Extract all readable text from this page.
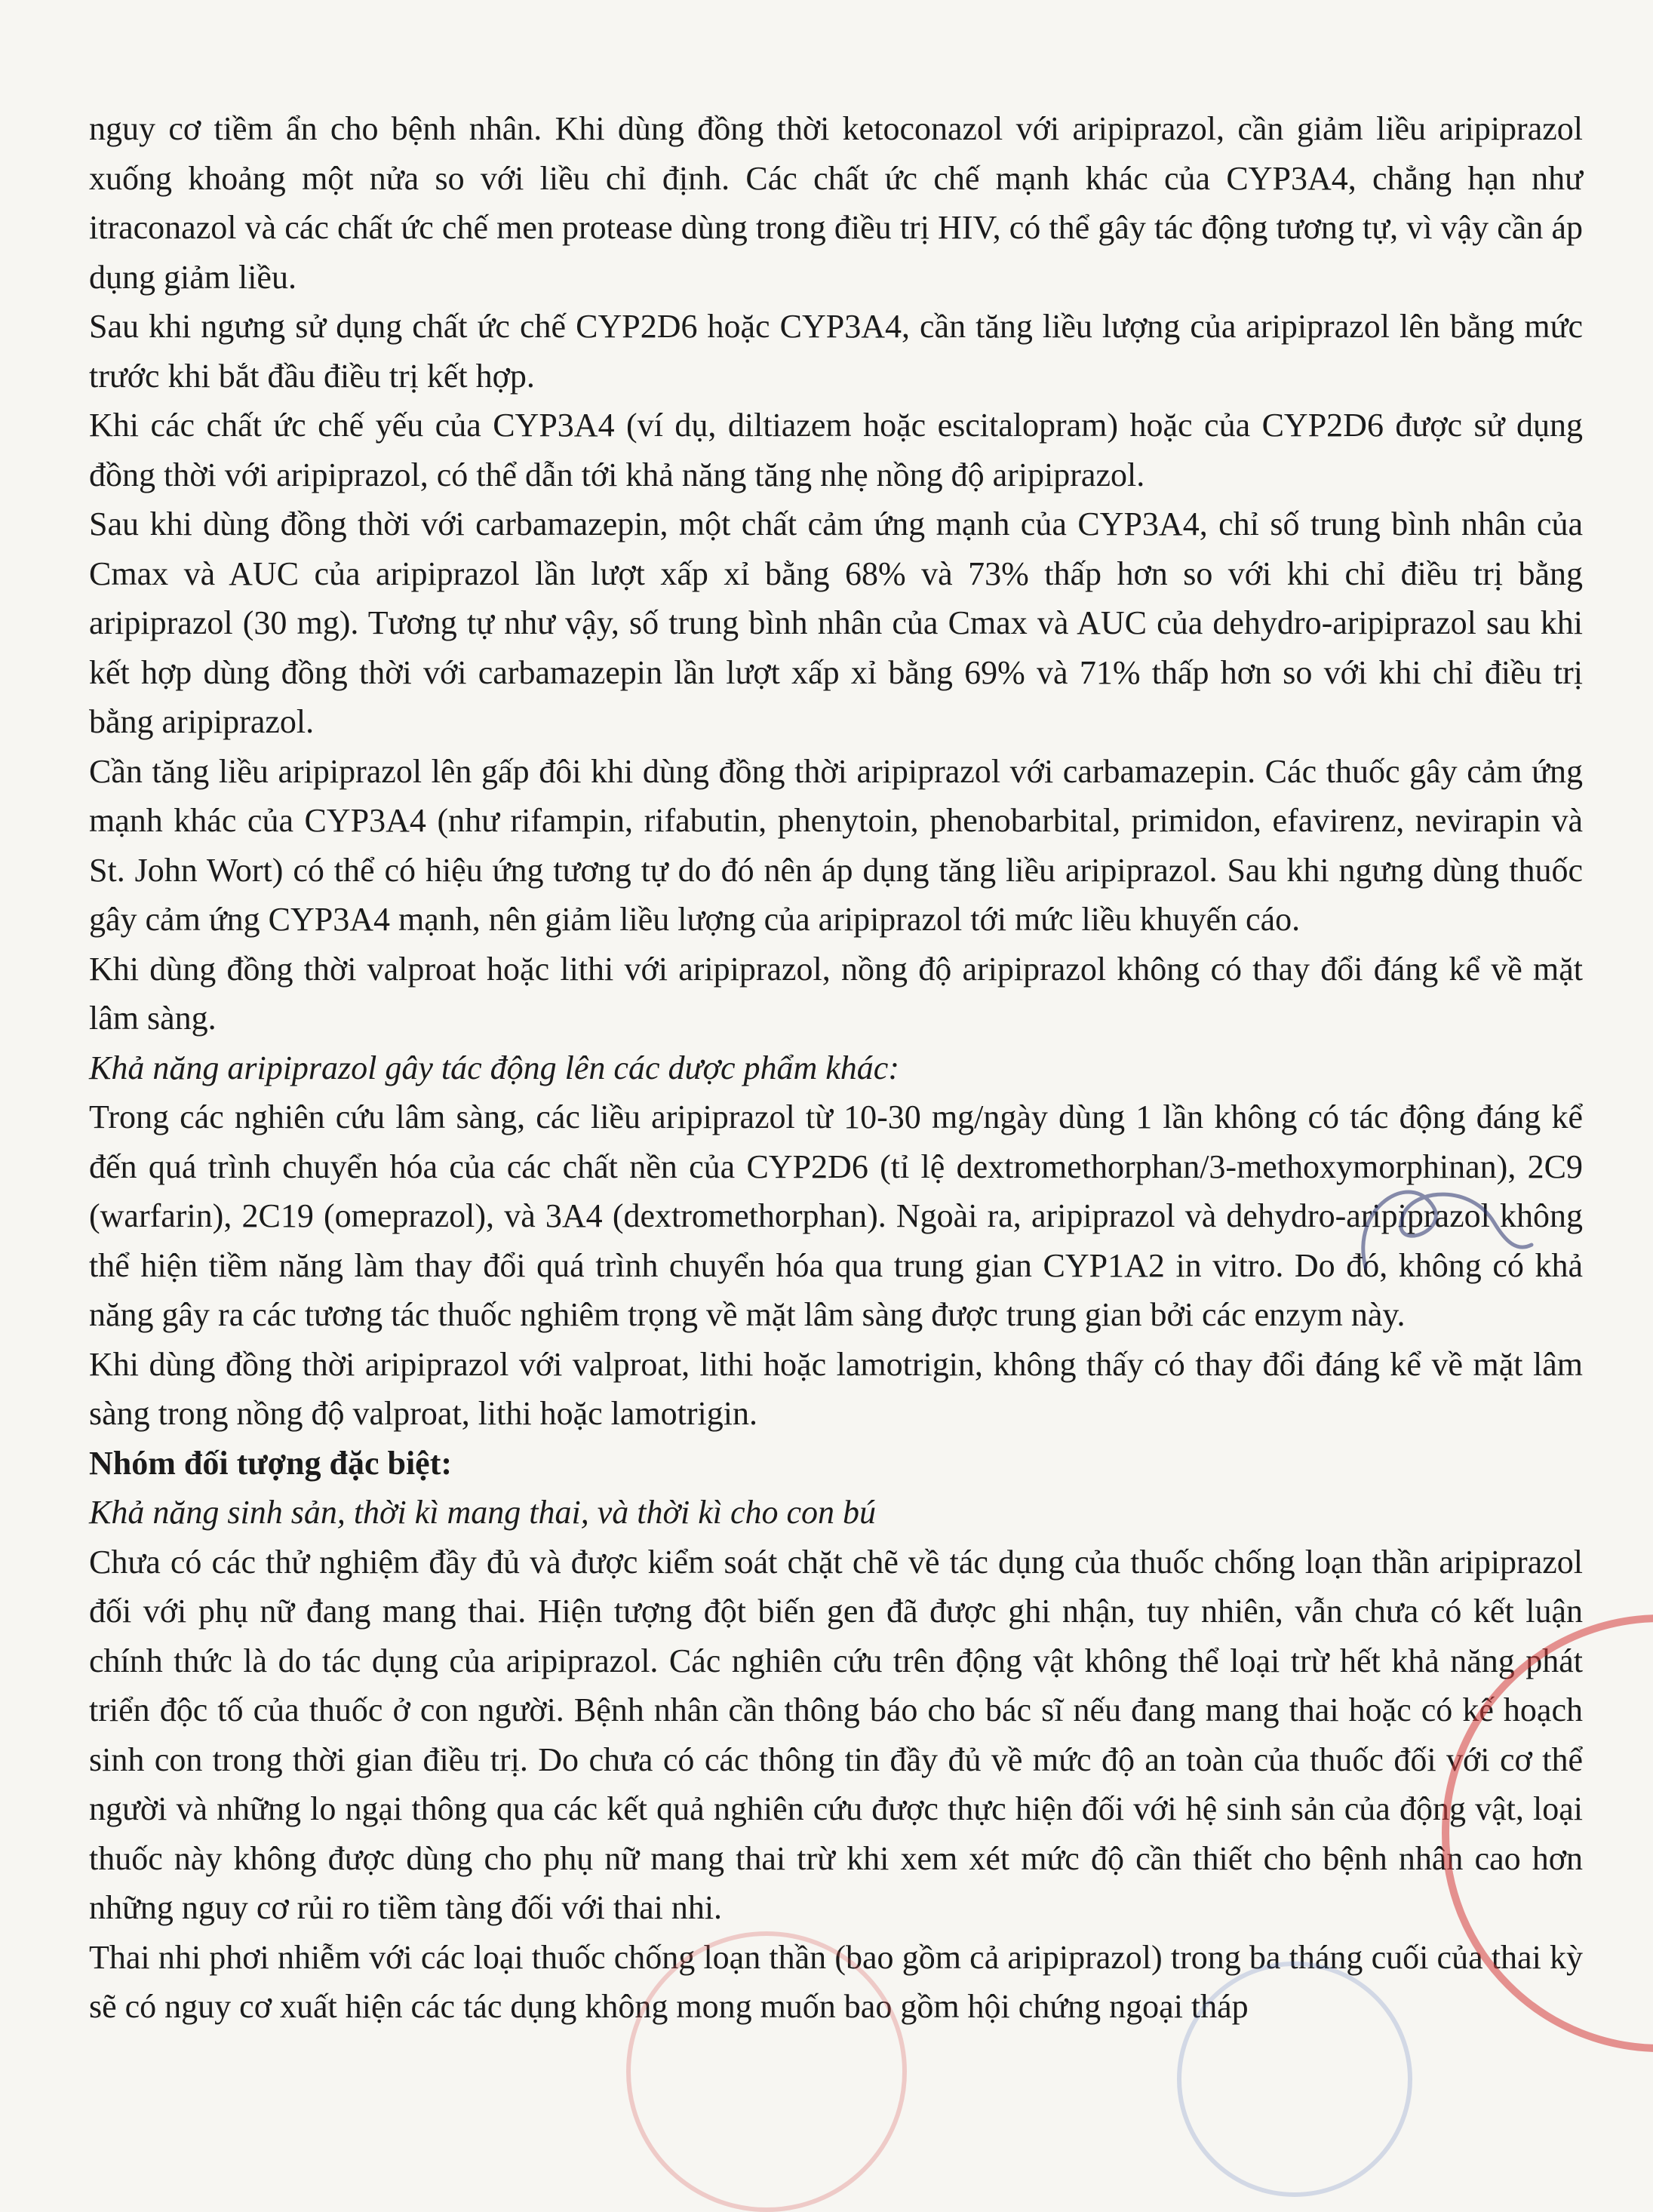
nguy cơ tiềm ẩn cho bệnh nhân. Khi dùng đồng thời ketoconazol với aripiprazol, cần giảm liều aripiprazol xuống khoảng một nửa so với liều chỉ định. Các chất ức chế mạnh khác của CYP3A4, chẳng hạn như itraconazol và các chất ức chế men protease dùng trong điều trị HIV, có thể gây tác động tương tự, vì vậy cần áp dụng giảm liều.

Sau khi ngưng sử dụng chất ức chế CYP2D6 hoặc CYP3A4, cần tăng liều lượng của aripiprazol lên bằng mức trước khi bắt đầu điều trị kết hợp.

Khi các chất ức chế yếu của CYP3A4 (ví dụ, diltiazem hoặc escitalopram) hoặc của CYP2D6 được sử dụng đồng thời với aripiprazol, có thể dẫn tới khả năng tăng nhẹ nồng độ aripiprazol.

Sau khi dùng đồng thời với carbamazepin, một chất cảm ứng mạnh của CYP3A4, chỉ số trung bình nhân của Cmax và AUC của aripiprazol lần lượt xấp xỉ bằng 68% và 73% thấp hơn so với khi chỉ điều trị bằng aripiprazol (30 mg). Tương tự như vậy, số trung bình nhân của Cmax và AUC của dehydro-aripiprazol sau khi kết hợp dùng đồng thời với carbamazepin lần lượt xấp xỉ bằng 69% và 71% thấp hơn so với khi chỉ điều trị bằng aripiprazol.

Cần tăng liều aripiprazol lên gấp đôi khi dùng đồng thời aripiprazol với carbamazepin. Các thuốc gây cảm ứng mạnh khác của CYP3A4 (như rifampin, rifabutin, phenytoin, phenobarbital, primidon, efavirenz, nevirapin và St. John Wort) có thể có hiệu ứng tương tự do đó nên áp dụng tăng liều aripiprazol. Sau khi ngưng dùng thuốc gây cảm ứng CYP3A4 mạnh, nên giảm liều lượng của aripiprazol tới mức liều khuyến cáo.

Khi dùng đồng thời valproat hoặc lithi với aripiprazol, nồng độ aripiprazol không có thay đổi đáng kể về mặt lâm sàng.

Khả năng aripiprazol gây tác động lên các dược phẩm khác:

Trong các nghiên cứu lâm sàng, các liều aripiprazol từ 10-30 mg/ngày dùng 1 lần không có tác động đáng kể đến quá trình chuyển hóa của các chất nền của CYP2D6 (tỉ lệ dextromethorphan/3-methoxymorphinan), 2C9 (warfarin), 2C19 (omeprazol), và 3A4 (dextromethorphan). Ngoài ra, aripiprazol và dehydro-aripiprazol không thể hiện tiềm năng làm thay đổi quá trình chuyển hóa qua trung gian CYP1A2 in vitro. Do đó, không có khả năng gây ra các tương tác thuốc nghiêm trọng về mặt lâm sàng được trung gian bởi các enzym này.

Khi dùng đồng thời aripiprazol với valproat, lithi hoặc lamotrigin, không thấy có thay đổi đáng kể về mặt lâm sàng trong nồng độ valproat, lithi hoặc lamotrigin.

Nhóm đối tượng đặc biệt:

Khả năng sinh sản, thời kì mang thai, và thời kì cho con bú

Chưa có các thử nghiệm đầy đủ và được kiểm soát chặt chẽ về tác dụng của thuốc chống loạn thần aripiprazol đối với phụ nữ đang mang thai. Hiện tượng đột biến gen đã được ghi nhận, tuy nhiên, vẫn chưa có kết luận chính thức là do tác dụng của aripiprazol. Các nghiên cứu trên động vật không thể loại trừ hết khả năng phát triển độc tố của thuốc ở con người. Bệnh nhân cần thông báo cho bác sĩ nếu đang mang thai hoặc có kế hoạch sinh con trong thời gian điều trị. Do chưa có các thông tin đầy đủ về mức độ an toàn của thuốc đối với cơ thể người và những lo ngại thông qua các kết quả nghiên cứu được thực hiện đối với hệ sinh sản của động vật, loại thuốc này không được dùng cho phụ nữ mang thai trừ khi xem xét mức độ cần thiết cho bệnh nhân cao hơn những nguy cơ rủi ro tiềm tàng đối với thai nhi.

Thai nhi phơi nhiễm với các loại thuốc chống loạn thần (bao gồm cả aripiprazol) trong ba tháng cuối của thai kỳ sẽ có nguy cơ xuất hiện các tác dụng không mong muốn bao gồm hội chứng ngoại tháp
